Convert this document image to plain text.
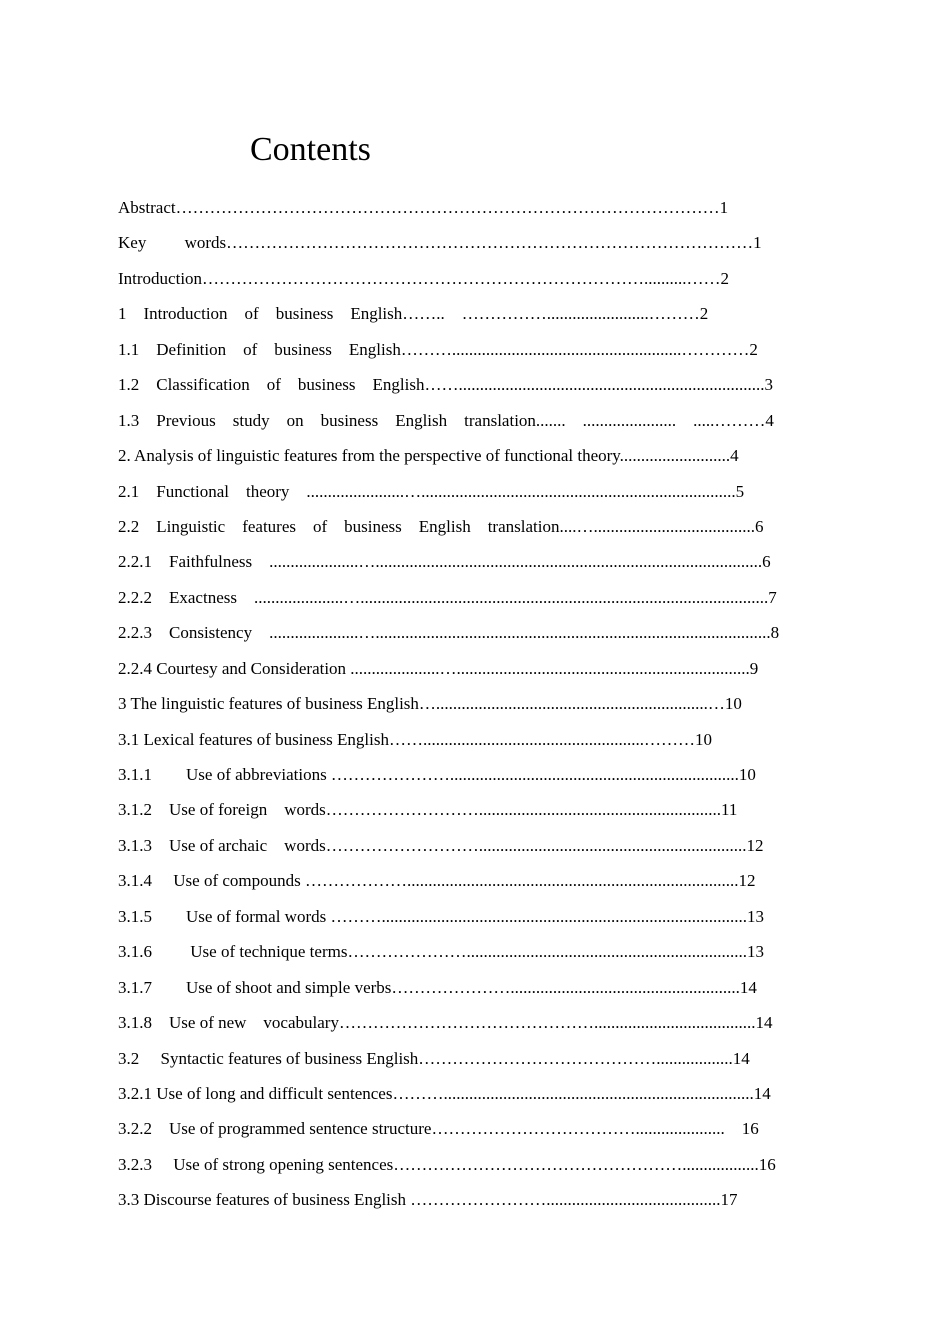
Contents
Abstract……………………………………………………………………………………1
Key　　 words…………………………………………………………………………………1
Introduction……………………………………………………………………..........……2
1　Introduction　of　business　English……..　……………........................………2
1.1　Definition　of　business　English………......................................................…………2
1.2　Classification　of　business　English……........................................................................3
1.3　Previous　study　on　business　English　translation.......　......................　.....………4
2. Analysis of linguistic features from the perspective of functional theory..........................4
2.1　Functional　theory　.......................…..........................................................................5
2.2　Linguistic　features　of　business　English　translation....…......................................6
2.2.1　Faithfulness　.....................…...........................................................................................6
2.2.2　Exactness　.....................…................................................................................................7
2.2.3　Consistency　.....................….............................................................................................8
2.2.4 Courtesy and Consideration .....................….....................................................................9
3 The linguistic features of business English…................................................................…10
3.1 Lexical features of business English……....................................................………10
3.1.1　　Use of abbreviations …………………....................................................................10
3.1.2　Use of foreign　words……………………….........................................................11
3.1.3　Use of archaic　words………………………...............................................................12
3.1.4　 Use of compounds ………………..............................................................................12
3.1.5　　Use of formal words ………......................................................................................13
3.1.6　　 Use of technique terms…………………..................................................................13
3.1.7　　Use of shoot and simple verbs…………………......................................................14
3.1.8　Use of new　vocabulary………………………………………......................................14
3.2　 Syntactic features of business English……………………………………..................14
3.2.1 Use of long and difficult sentences……….........................................................................14
3.2.2　Use of programmed sentence structure……………………………….....................　16
3.2.3　 Use of strong opening sentences……………………………………………..................16
3.3 Discourse features of business English …………………….........................................17
